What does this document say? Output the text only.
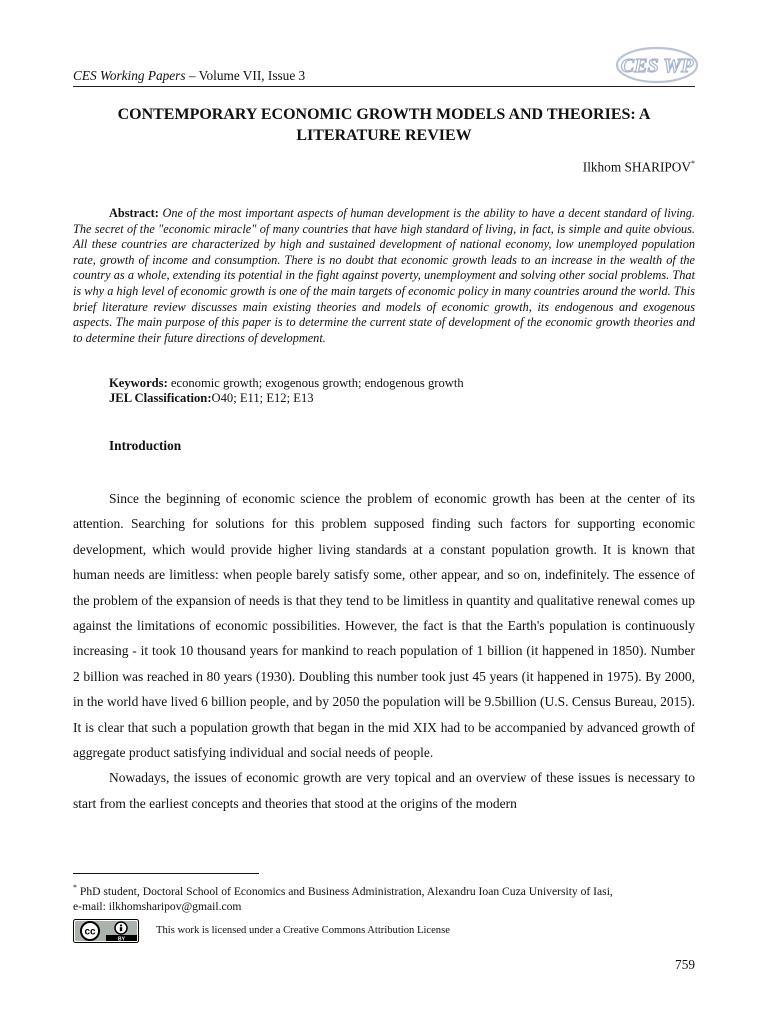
CES Working Papers – Volume VII, Issue 3	CES WP
CONTEMPORARY ECONOMIC GROWTH MODELS AND THEORIES: A LITERATURE REVIEW
Ilkhom SHARIPOV*
Abstract: One of the most important aspects of human development is the ability to have a decent standard of living. The secret of the "economic miracle" of many countries that have high standard of living, in fact, is simple and quite obvious. All these countries are characterized by high and sustained development of national economy, low unemployed population rate, growth of income and consumption. There is no doubt that economic growth leads to an increase in the wealth of the country as a whole, extending its potential in the fight against poverty, unemployment and solving other social problems. That is why a high level of economic growth is one of the main targets of economic policy in many countries around the world. This brief literature review discusses main existing theories and models of economic growth, its endogenous and exogenous aspects. The main purpose of this paper is to determine the current state of development of the economic growth theories and to determine their future directions of development.
Keywords: economic growth; exogenous growth; endogenous growth
JEL Classification:O40; E11; E12; E13
Introduction

Since the beginning of economic science the problem of economic growth has been at the center of its attention. Searching for solutions for this problem supposed finding such factors for supporting economic development, which would provide higher living standards at a constant population growth. It is known that human needs are limitless: when people barely satisfy some, other appear, and so on, indefinitely. The essence of the problem of the expansion of needs is that they tend to be limitless in quantity and qualitative renewal comes up against the limitations of economic possibilities. However, the fact is that the Earth's population is continuously increasing - it took 10 thousand years for mankind to reach population of 1 billion (it happened in 1850). Number 2 billion was reached in 80 years (1930). Doubling this number took just 45 years (it happened in 1975). By 2000, in the world have lived 6 billion people, and by 2050 the population will be 9.5billion (U.S. Census Bureau, 2015). It is clear that such a population growth that began in the mid XIX had to be accompanied by advanced growth of aggregate product satisfying individual and social needs of people.

Nowadays, the issues of economic growth are very topical and an overview of these issues is necessary to start from the earliest concepts and theories that stood at the origins of the modern

* PhD student, Doctoral School of Economics and Business Administration, Alexandru Ioan Cuza University of Iasi,
e-mail: ilkhomsharipov@gmail.com
cc
BY
This work is licensed under a Creative Commons Attribution License
759
